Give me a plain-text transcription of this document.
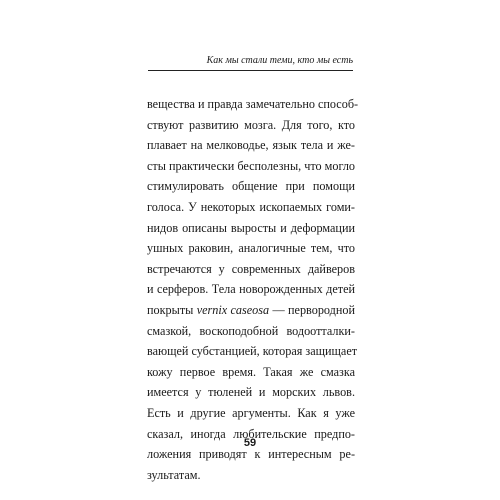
Как мы стали теми, кто мы есть
вещества и правда замечательно способ-
ствуют развитию мозга. Для того, кто
плавает на мелководье, язык тела и же-
сты практически бесполезны, что могло
стимулировать общение при помощи
голоса. У некоторых ископаемых гоми-
нидов описаны выросты и деформации
ушных раковин, аналогичные тем, что
встречаются у современных дайверов
и серферов. Тела новорожденных детей
покрыты vernix caseosa — первородной
смазкой, воскоподобной водоотталки-
вающей субстанцией, которая защищает
кожу первое время. Такая же смазка
имеется у тюленей и морских львов.
Есть и другие аргументы. Как я уже
сказал, иногда любительские предпо-
ложения приводят к интересным ре-
зультатам.
59
